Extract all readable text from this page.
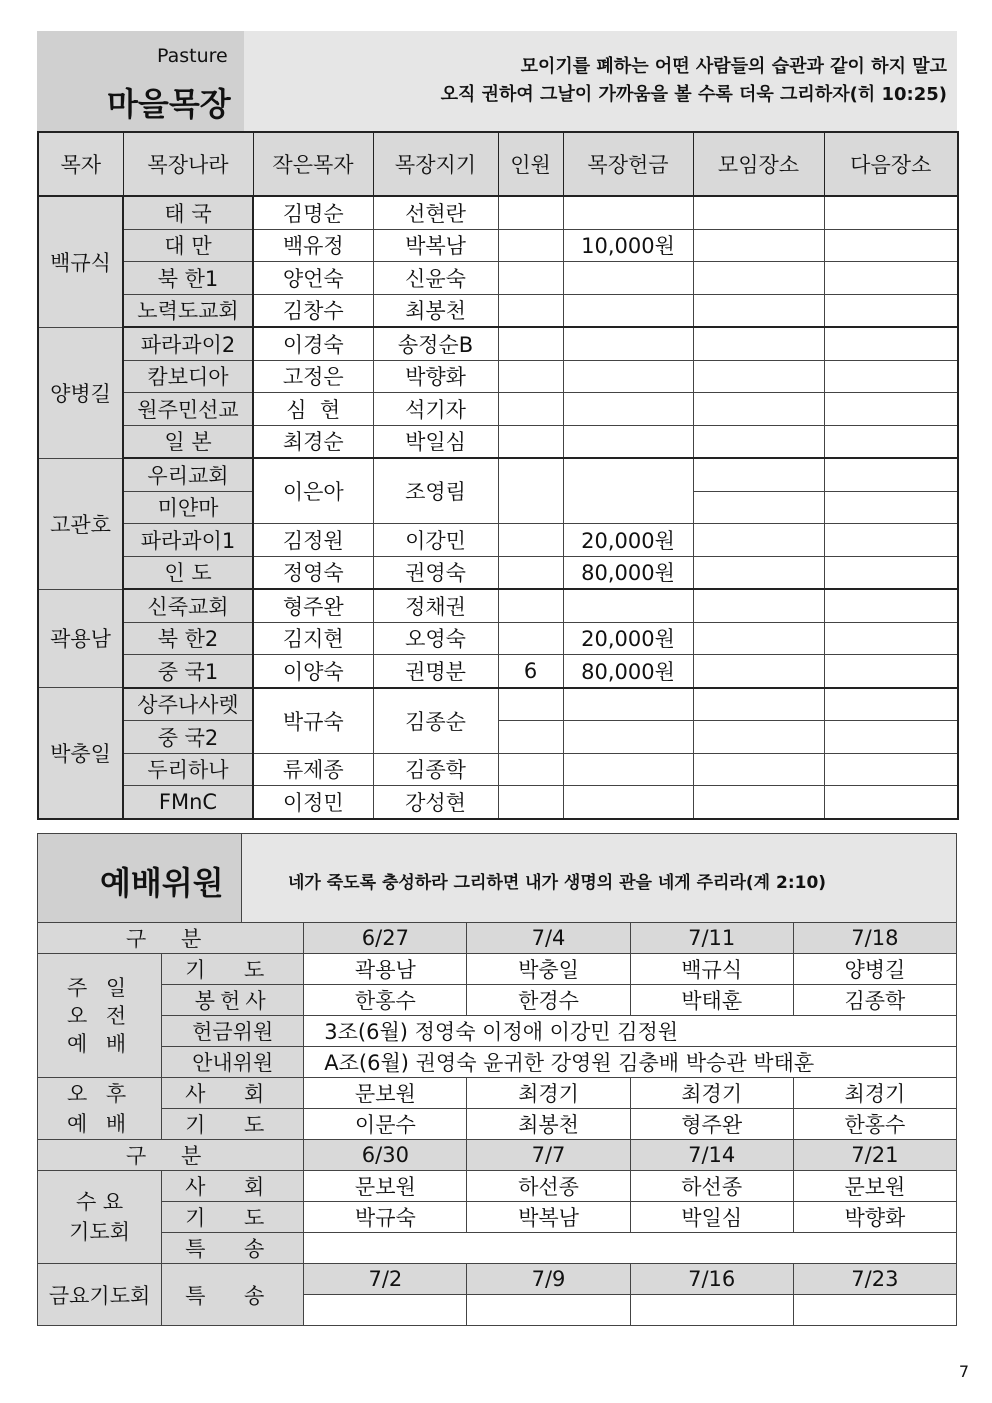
Pasture
마을목장
모이기를 폐하는 어떤 사람들의 습관과 같이 하지 말고
오직 권하여 그날이 가까움을 볼 수록 더욱 그리하자(히 10:25)
목자	목장나라	작은목자	목장지기	인원	목장헌금	모임장소	다음장소
백규식	태 국	김명순	선현란				
	대 만	백유정	박복남		10,000원		
	북 한1	양언숙	신윤숙				
	노력도교회	김창수	최봉천				
양병길	파라과이2	이경숙	송정순B				
	캄보디아	고정은	박향화				
	원주민선교	심  현	석기자				
	일 본	최경순	박일심				
고관호	우리교회	이은아	조영림				
	미얀마						
	파라과이1	김정원	이강민		20,000원		
	인 도	정영숙	권영숙		80,000원		
곽용남	신죽교회	형주완	정채권				
	북 한2	김지현	오영숙		20,000원		
	중 국1	이양숙	권명분	6	80,000원		
박충일	상주나사렛	박규숙	김종순				
	중 국2						
	두리하나	류제종	김종학				
	FMnC	이정민	강성현				
예배위원	네가 죽도록 충성하라 그리하면 내가 생명의 관을 네게 주리라(계 2:10)
구 분		6/27	7/4	7/11	7/18
주 일
오 전
예 배	기 도	곽용남	박충일	백규식	양병길
	봉헌사	한홍수	한경수	박태훈	김종학
	헌금위원	3조(6월) 정영숙 이정애 이강민 김정원			
	안내위원	A조(6월) 권영숙 윤귀한 강영원 김충배 박승관 박태훈			
오 후
예 배	사 회	문보원	최경기	최경기	최경기
	기 도	이문수	최봉천	형주완	한홍수
구 분		6/30	7/7	7/14	7/21
수 요
기도회	사 회	문보원	하선종	하선종	문보원
	기 도	박규숙	박복남	박일심	박향화
	특 송				
금요기도회	특 송	7/2	7/9	7/16	7/23

7
